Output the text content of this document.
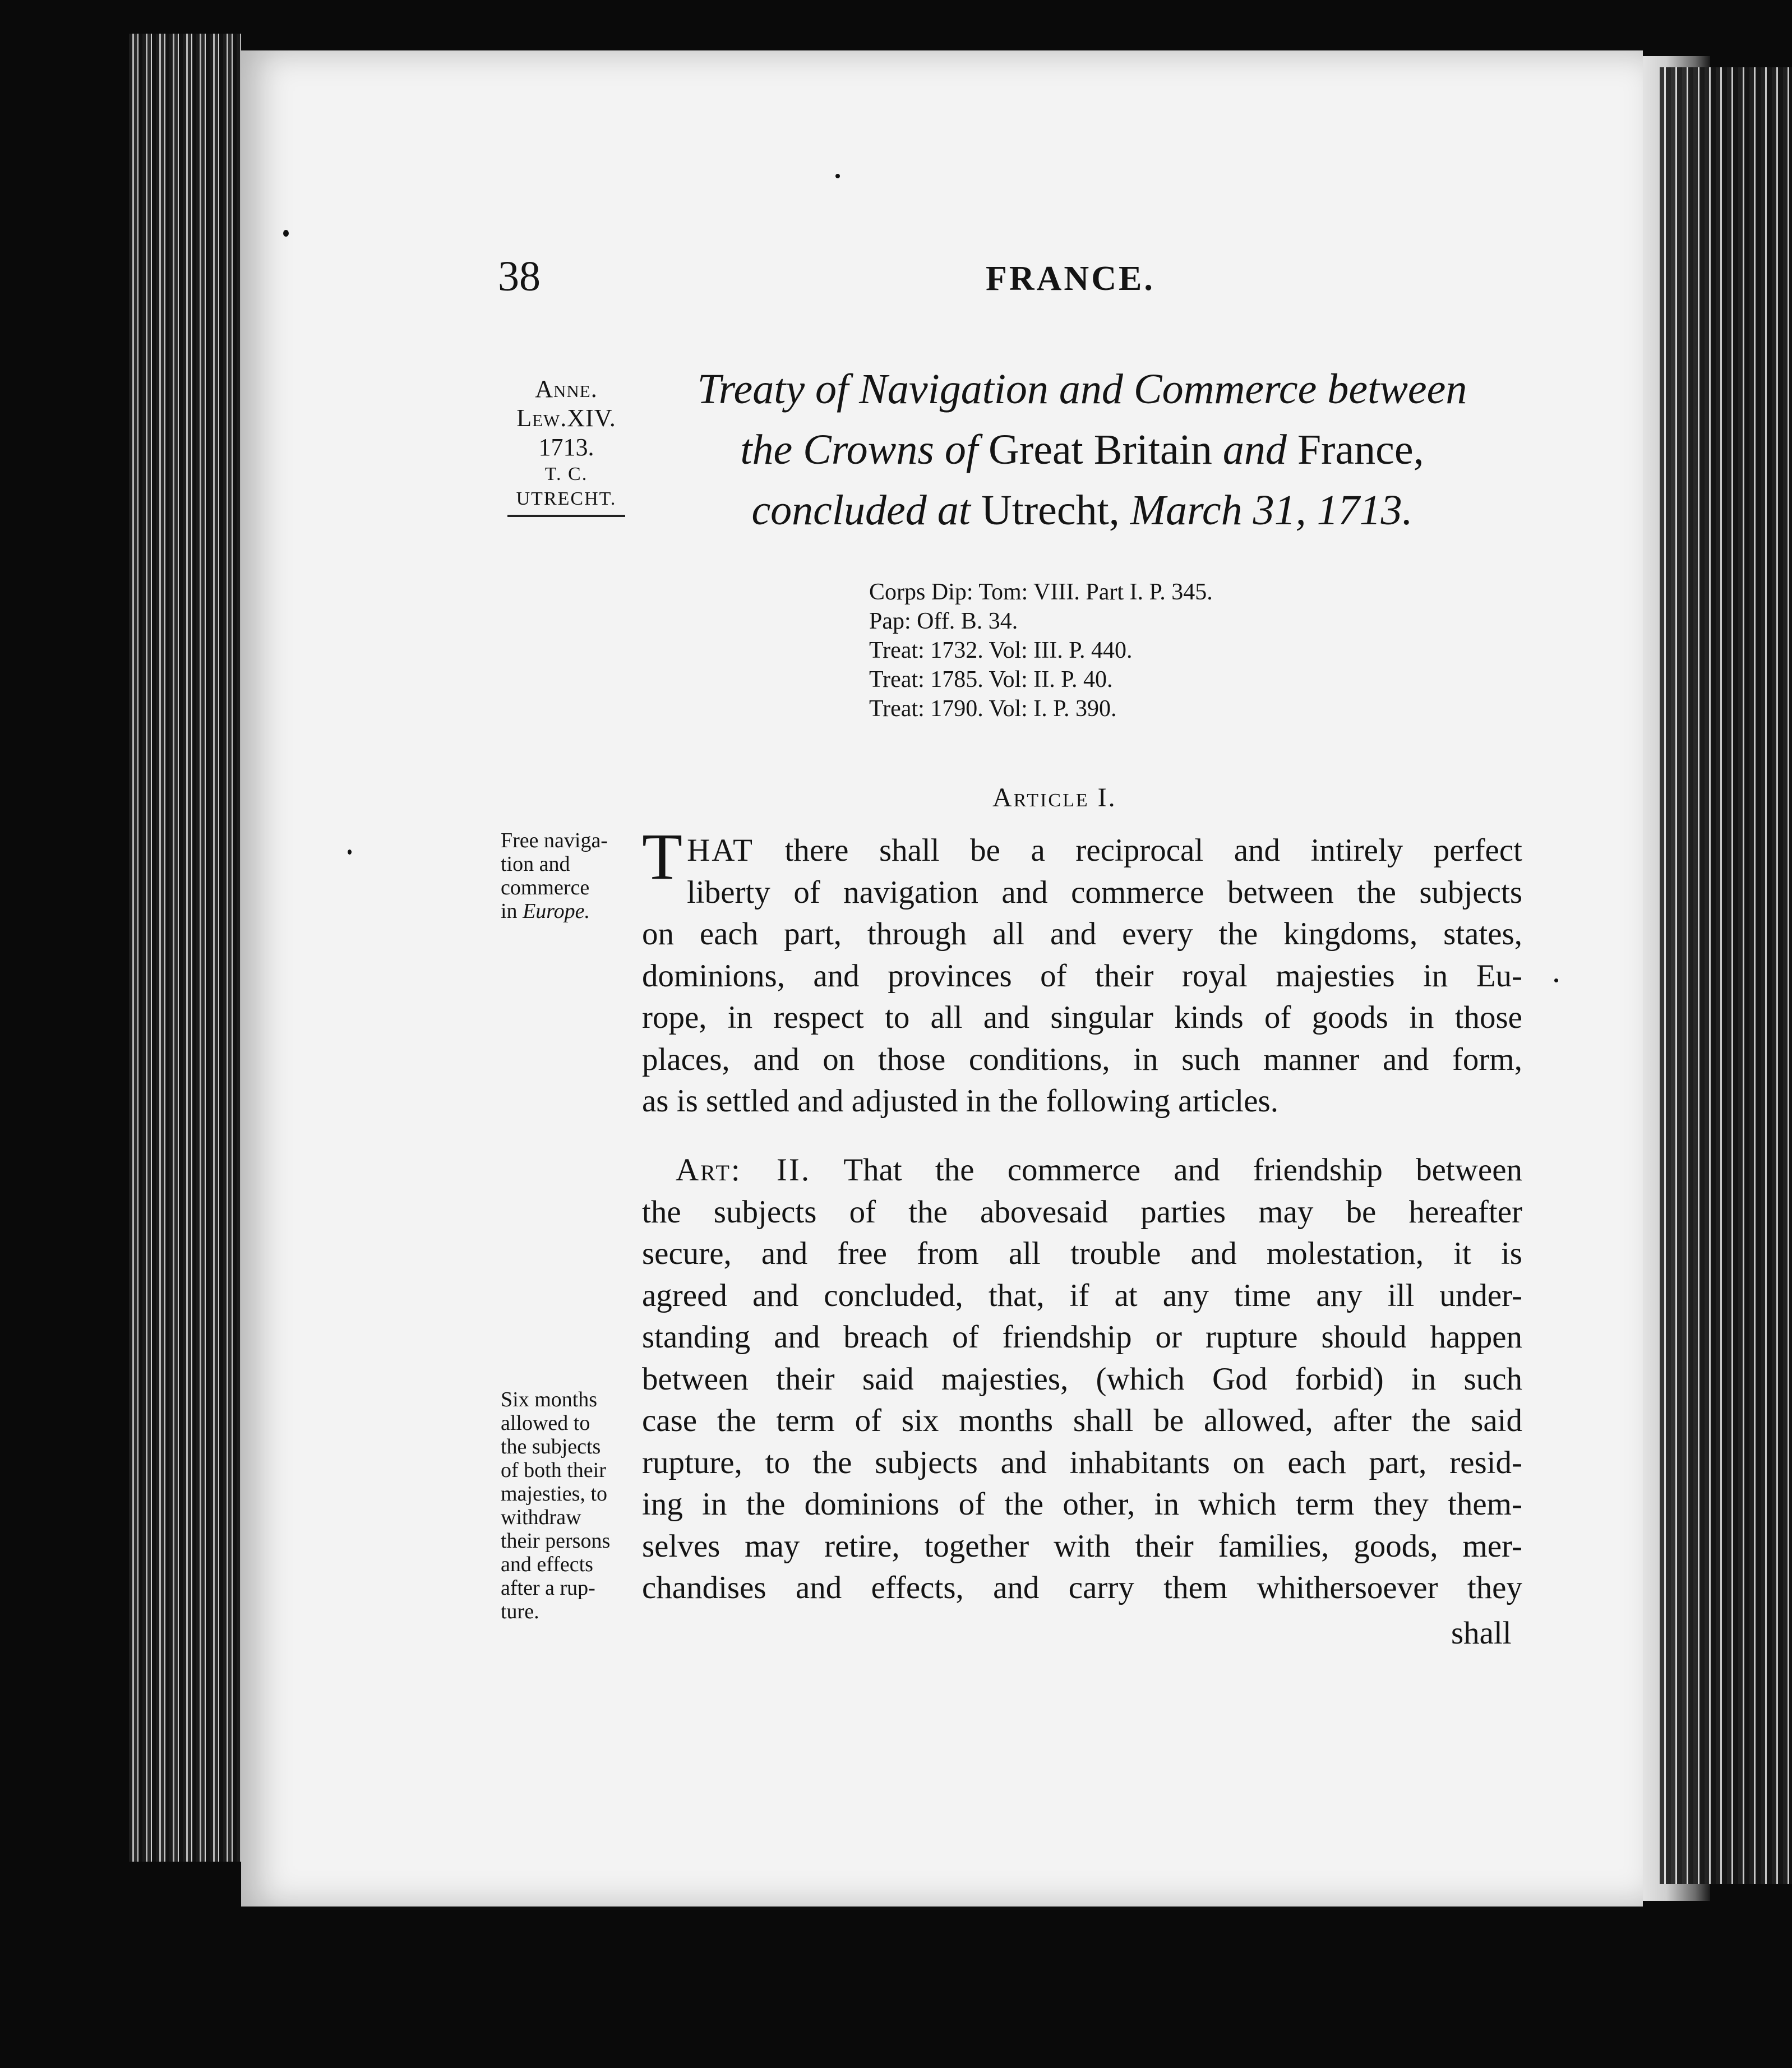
38	FRANCE.
Anne.
Lew.XIV.
1713.
T. C.
UTRECHT.
Treaty of Navigation and Commerce between
the Crowns of Great Britain and France,
concluded at Utrecht, March 31, 1713.
Corps Dip: Tom: VIII. Part I. P. 345.
Pap: Off. B. 34.
Treat: 1732. Vol: III. P. 440.
Treat: 1785. Vol: II. P. 40.
Treat: 1790. Vol: I. P. 390.
Article I.
Free naviga-
tion and
commerce
in Europe.
Six months
allowed to
the subjects
of both their
majesties, to
withdraw
their persons
and effects
after a rup-
ture.
T HAT there shall be a reciprocal and intirely perfect
liberty of navigation and commerce between the subjects
on each part, through all and every the kingdoms, states,
dominions, and provinces of their royal majesties in Eu-
rope, in respect to all and singular kinds of goods in those
places, and on those conditions, in such manner and form,
as is settled and adjusted in the following articles.
Art: II. That the commerce and friendship between
the subjects of the abovesaid parties may be hereafter
secure, and free from all trouble and molestation, it is
agreed and concluded, that, if at any time any ill under-
standing and breach of friendship or rupture should happen
between their said majesties, (which God forbid) in such
case the term of six months shall be allowed, after the said
rupture, to the subjects and inhabitants on each part, resid-
ing in the dominions of the other, in which term they them-
selves may retire, together with their families, goods, mer-
chandises and effects, and carry them whithersoever they
shall
